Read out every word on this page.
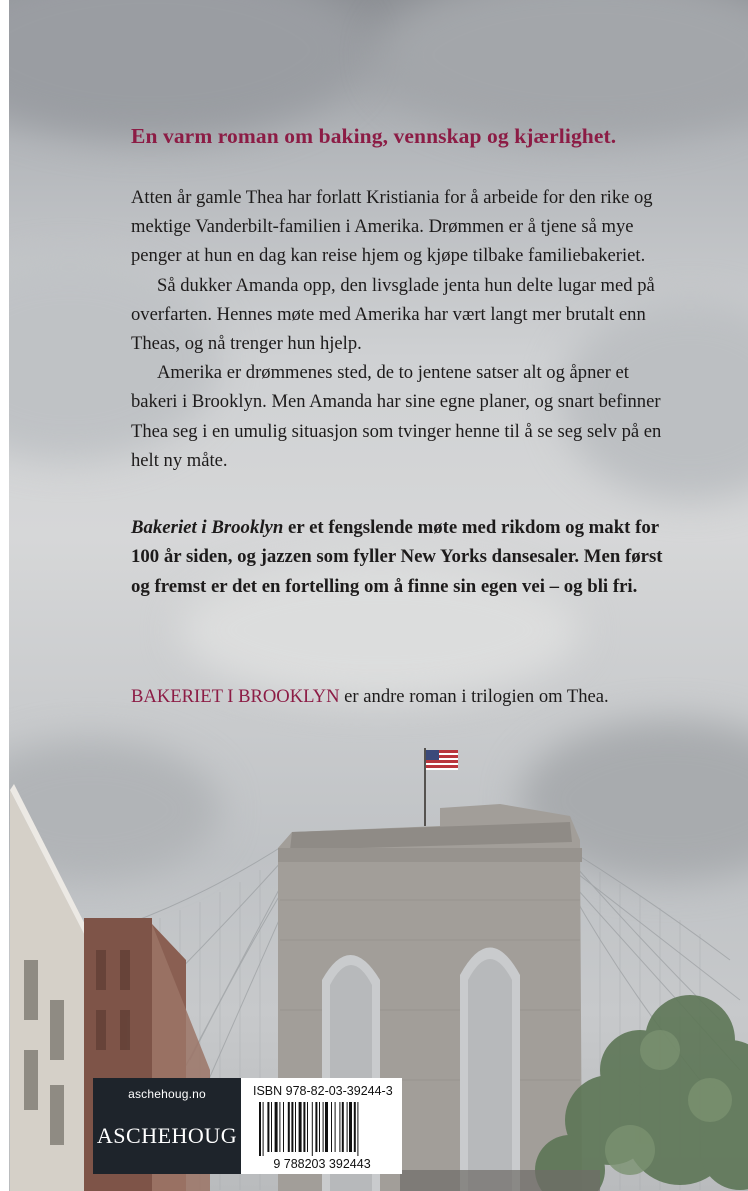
En varm roman om baking, vennskap og kjærlighet.

Atten år gamle Thea har forlatt Kristiania for å arbeide for den rike og mektige Vanderbilt-familien i Amerika. Drømmen er å tjene så mye penger at hun en dag kan reise hjem og kjøpe tilbake familiebakeriet.

Så dukker Amanda opp, den livsglade jenta hun delte lugar med på overfarten. Hennes møte med Amerika har vært langt mer brutalt enn Theas, og nå trenger hun hjelp.

Amerika er drømmenes sted, de to jentene satser alt og åpner et bakeri i Brooklyn. Men Amanda har sine egne planer, og snart befinner Thea seg i en umulig situasjon som tvinger henne til å se seg selv på en helt ny måte.

Bakeriet i Brooklyn er et fengslende møte med rikdom og makt for 100 år siden, og jazzen som fyller New Yorks dansesaler. Men først og fremst er det en fortelling om å finne sin egen vei – og bli fri.

BAKERIET I BROOKLYN er andre roman i trilogien om Thea.
aschehoug.no
ASCHEHOUG
ISBN 978-82-03-39244-3
9 788203 392443
